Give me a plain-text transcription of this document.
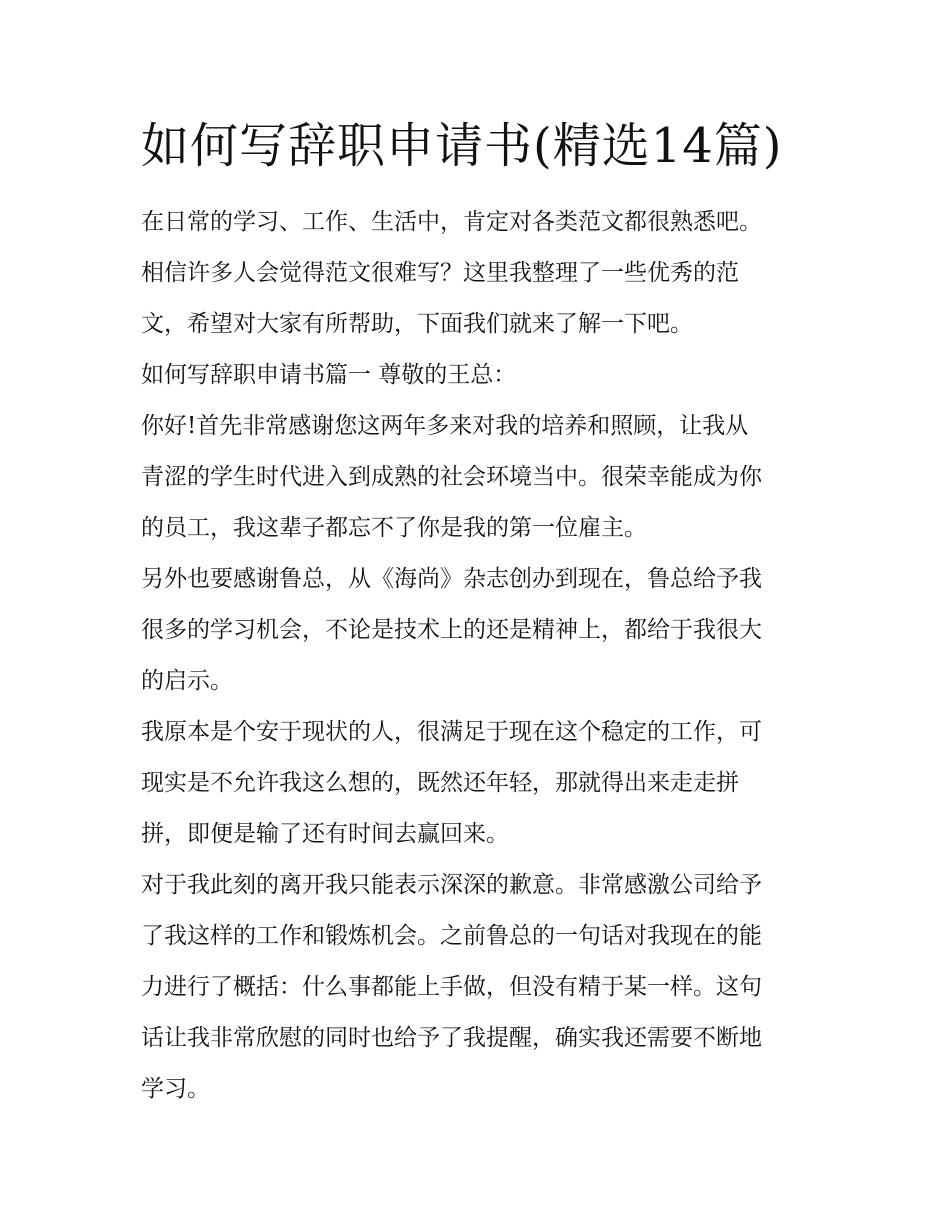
如何写辞职申请书(精选14篇)

在日常的学习、工作、生活中，肯定对各类范文都很熟悉吧。
相信许多人会觉得范文很难写？这里我整理了一些优秀的范
文，希望对大家有所帮助，下面我们就来了解一下吧。

如何写辞职申请书篇一 尊敬的王总：

你好!首先非常感谢您这两年多来对我的培养和照顾，让我从
青涩的学生时代进入到成熟的社会环境当中。很荣幸能成为你
的员工，我这辈子都忘不了你是我的第一位雇主。

另外也要感谢鲁总，从《海尚》杂志创办到现在，鲁总给予我
很多的学习机会，不论是技术上的还是精神上，都给于我很大
的启示。

我原本是个安于现状的人，很满足于现在这个稳定的工作，可
现实是不允许我这么想的，既然还年轻，那就得出来走走拼
拼，即便是输了还有时间去赢回来。

对于我此刻的离开我只能表示深深的歉意。非常感激公司给予
了我这样的工作和锻炼机会。之前鲁总的一句话对我现在的能
力进行了概括：什么事都能上手做，但没有精于某一样。这句
话让我非常欣慰的同时也给予了我提醒，确实我还需要不断地
学习。
